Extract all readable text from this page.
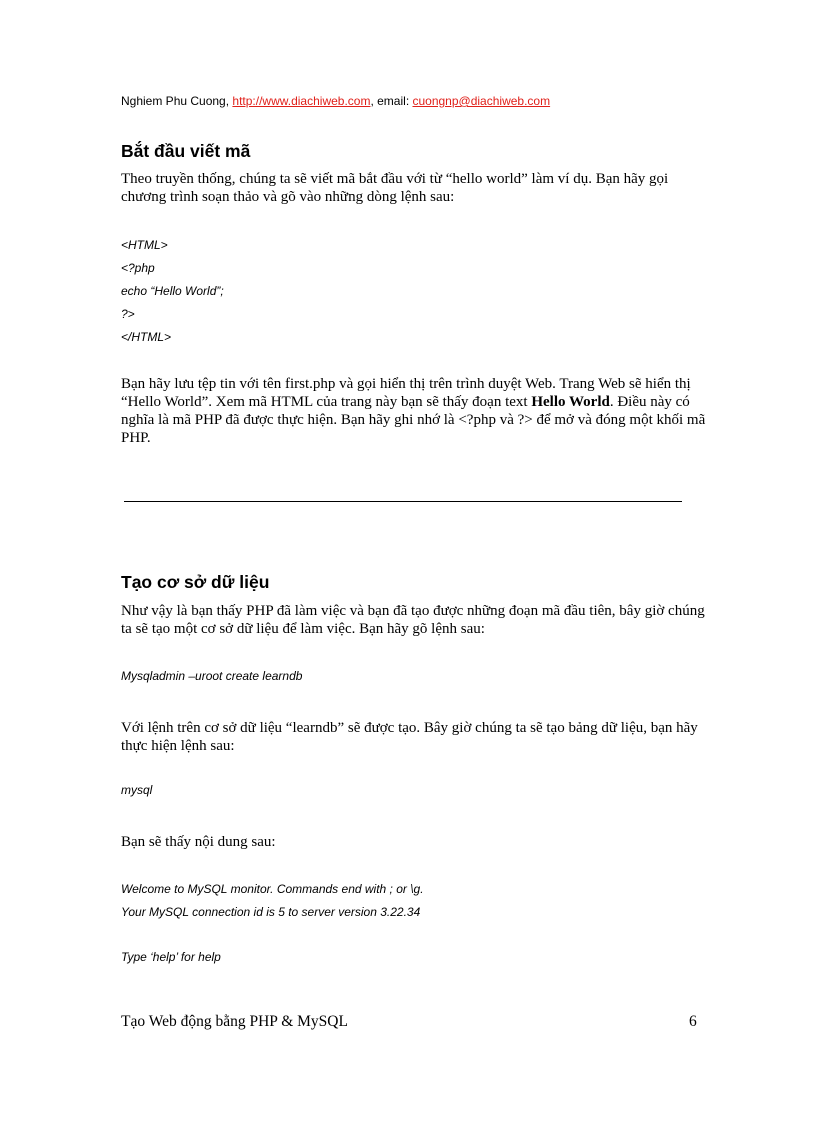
Nghiem Phu Cuong, http://www.diachiweb.com, email: cuongnp@diachiweb.com
Bắt đầu viết mã
Theo truyền thống, chúng ta sẽ viết mã bắt đầu với từ “hello world” làm ví dụ. Bạn hãy gọi chương trình soạn thảo và gõ vào những dòng lệnh sau:
<HTML>
<?php
echo “Hello World”;
?>
</HTML>
Bạn hãy lưu tệp tin với tên first.php và gọi hiển thị trên trình duyệt Web. Trang Web sẽ hiển thị “Hello World”. Xem mã HTML của trang này bạn sẽ thấy đoạn text Hello World. Điều này có nghĩa là mã PHP đã được thực hiện. Bạn hãy ghi nhớ là <?php và ?> để mở và đóng một khối mã PHP.
Tạo cơ sở dữ liệu
Như vậy là bạn thấy PHP đã làm việc và bạn đã tạo được những đoạn mã đầu tiên, bây giờ chúng ta sẽ tạo một cơ sở dữ liệu để làm việc. Bạn hãy gõ lệnh sau:
Mysqladmin –uroot create learndb
Với lệnh trên cơ sở dữ liệu “learndb” sẽ được tạo. Bây giờ chúng ta sẽ tạo bảng dữ liệu, bạn hãy thực hiện lệnh sau:
mysql
Bạn sẽ thấy nội dung sau:
Welcome to MySQL monitor. Commands end with ; or \g.
Your MySQL connection id is 5 to server version 3.22.34
Type ‘help’ for help
Tạo Web động bằng PHP & MySQL	6
